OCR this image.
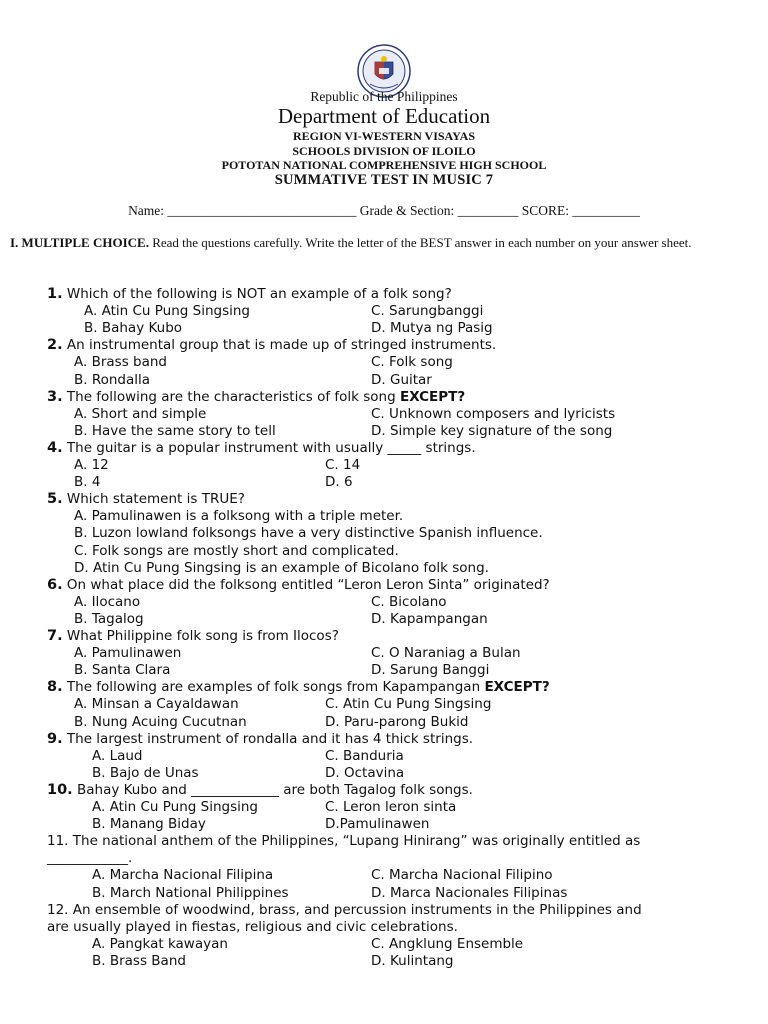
Republic of the Philippines
Department of Education
REGION VI-WESTERN VISAYAS
SCHOOLS DIVISION OF ILOILO
POTOTAN NATIONAL COMPREHENSIVE HIGH SCHOOL
SUMMATIVE TEST IN MUSIC 7
Name: ____________________________ Grade & Section: _________ SCORE: __________
I. MULTIPLE CHOICE. Read the questions carefully. Write the letter of the BEST answer in each number on your answer sheet.
1. Which of the following is NOT an example of a folk song?
A. Atin Cu Pung Singsing	C. Sarungbanggi
B. Bahay Kubo	D. Mutya ng Pasig
2. An instrumental group that is made up of stringed instruments.
A. Brass band	C. Folk song
B. Rondalla	D. Guitar
3. The following are the characteristics of folk song EXCEPT?
A. Short and simple	C. Unknown composers and lyricists
B. Have the same story to tell	D. Simple key signature of the song
4. The guitar is a popular instrument with usually _____ strings.
A. 12	C. 14
B. 4	D. 6
5. Which statement is TRUE?
A. Pamulinawen is a folksong with a triple meter.
B. Luzon lowland folksongs have a very distinctive Spanish influence.
C. Folk songs are mostly short and complicated.
D. Atin Cu Pung Singsing is an example of Bicolano folk song.
6. On what place did the folksong entitled “Leron Leron Sinta” originated?
A. Ilocano	C. Bicolano
B. Tagalog	D. Kapampangan
7. What Philippine folk song is from Ilocos?
A. Pamulinawen	C. O Naraniag a Bulan
B. Santa Clara	D. Sarung Banggi
8. The following are examples of folk songs from Kapampangan EXCEPT?
A. Minsan a Cayaldawan	C. Atin Cu Pung Singsing
B. Nung Acuing Cucutnan	D. Paru-parong Bukid
9. The largest instrument of rondalla and it has 4 thick strings.
A. Laud	C. Banduria
B. Bajo de Unas	D. Octavina
10. Bahay Kubo and _____________ are both Tagalog folk songs.
A. Atin Cu Pung Singsing	C. Leron leron sinta
B. Manang Biday	D.Pamulinawen
11. The national anthem of the Philippines, “Lupang Hinirang” was originally entitled as
____________.
A. Marcha Nacional Filipina	C. Marcha Nacional Filipino
B. March National Philippines	D. Marca Nacionales Filipinas
12. An ensemble of woodwind, brass, and percussion instruments in the Philippines and
are usually played in fiestas, religious and civic celebrations.
A. Pangkat kawayan	C. Angklung Ensemble
B. Brass Band	D. Kulintang
